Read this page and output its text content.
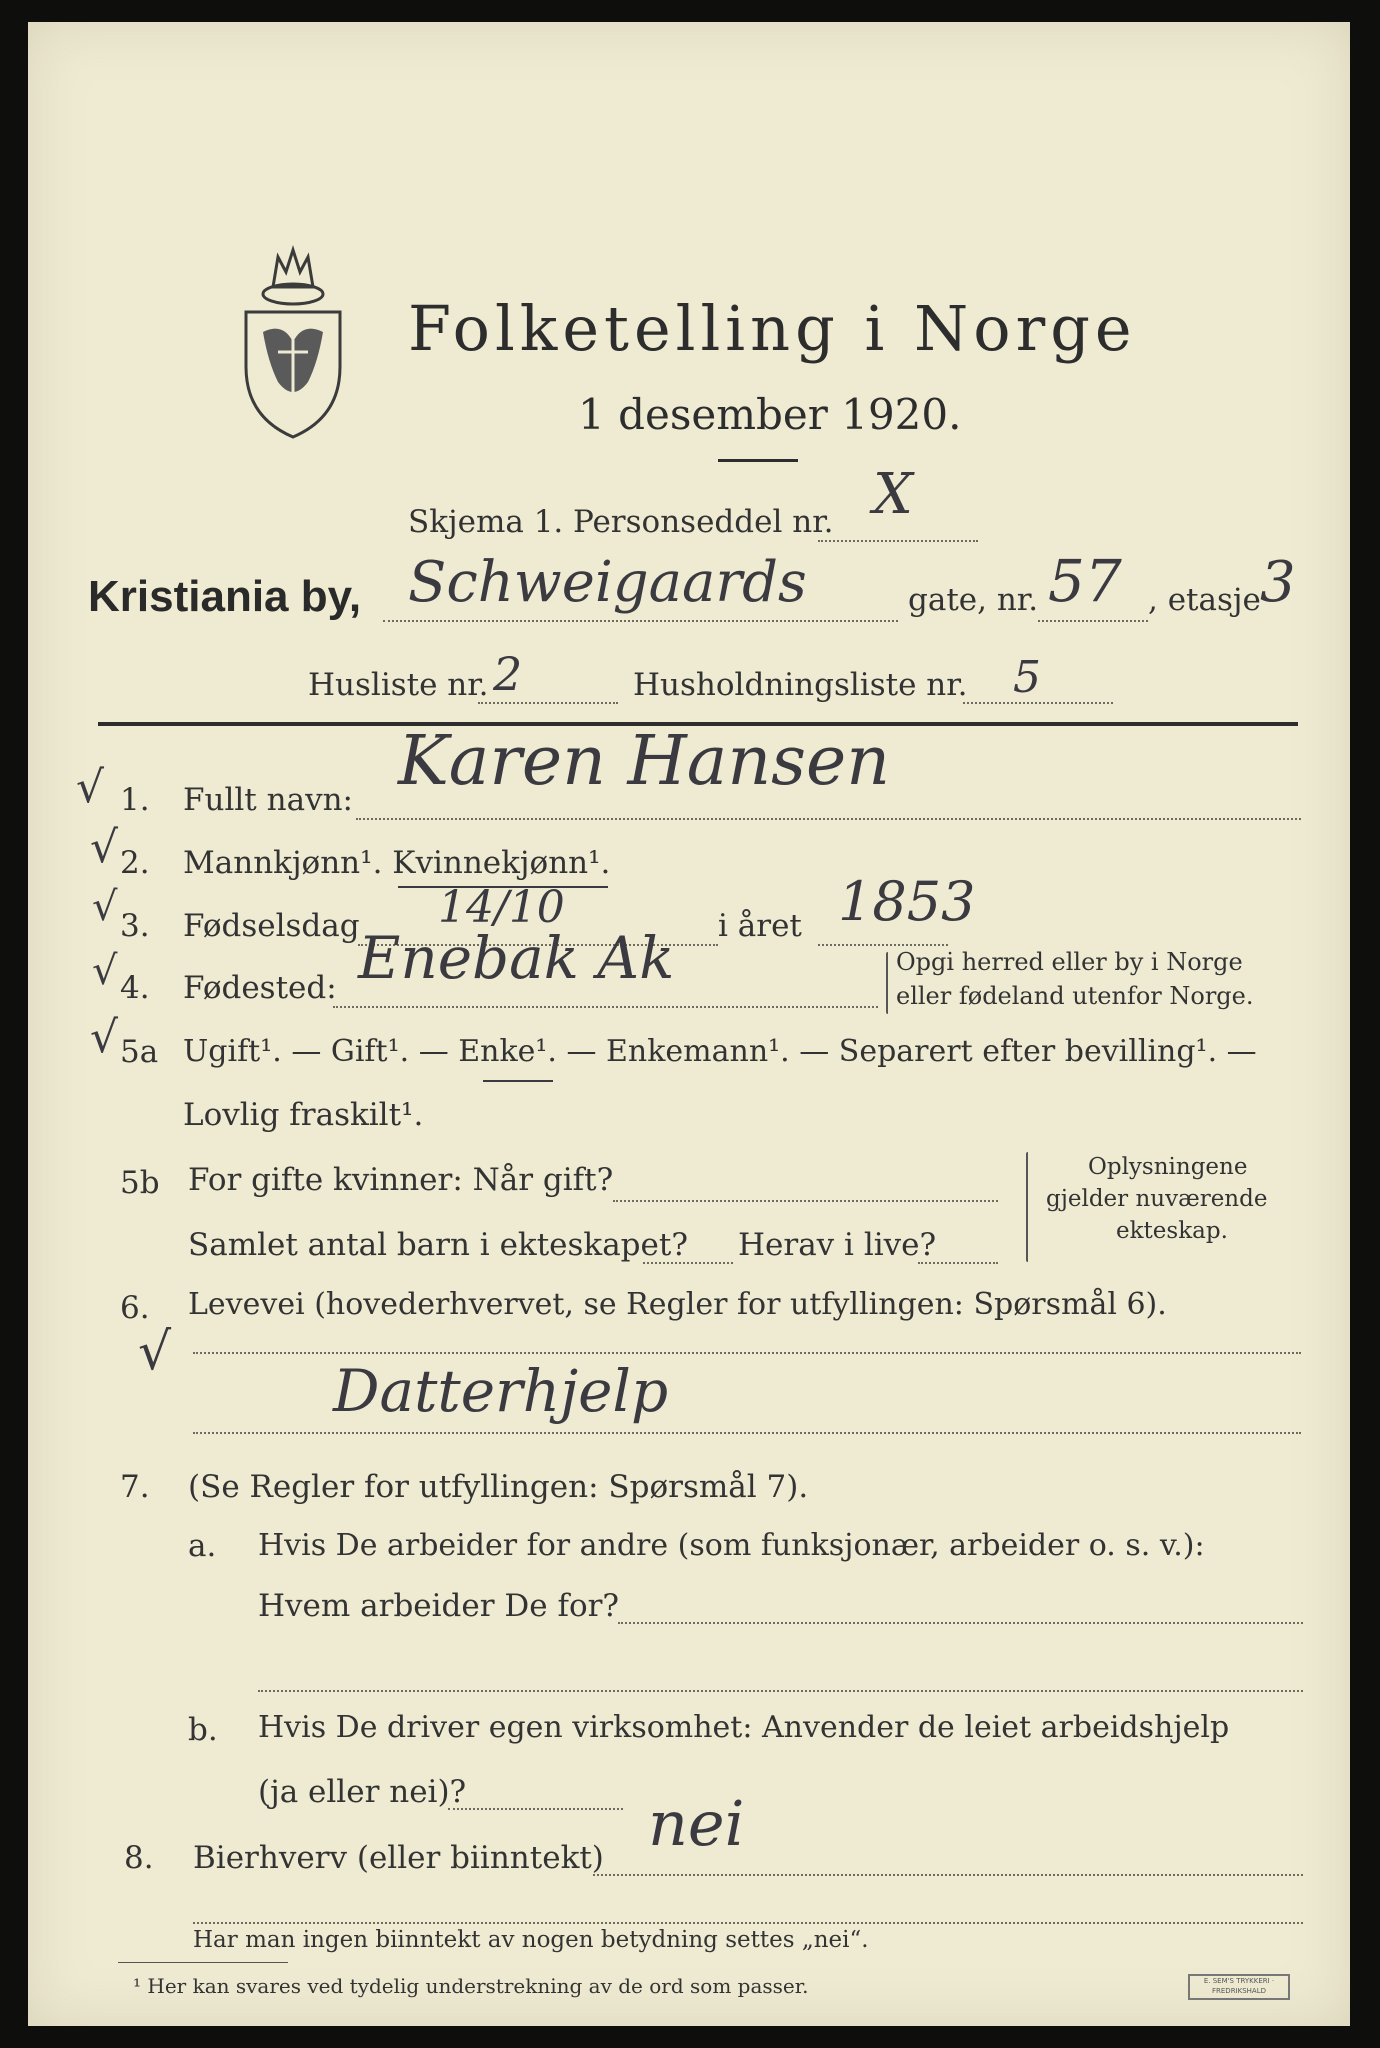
Folketelling i Norge
1 desember 1920.
Skjema 1. Personseddel nr. X
Kristiania by, Schweigaards	gate, nr. 57 , etasje 3
Husliste nr. 2	Husholdningsliste nr. 5
√
√
√
√
√
√
1. Fullt navn: Karen Hansen
2. Mannkjønn¹. Kvinnekjønn¹.
3. Fødselsdag 14/10	i året 1853
4. Fødested: Enebak Ak	Opgi herred eller by i Norge
eller fødeland utenfor Norge.
5a Ugift¹. — Gift¹. — Enke¹. — Enkemann¹. — Separert efter bevilling¹. —
Lovlig fraskilt¹.
5b For gifte kvinner: Når gift?
Samlet antal barn i ekteskapet? Herav i live?
Oplysningene
gjelder nuværende
ekteskap.
6. Levevei (hovederhvervet, se Regler for utfyllingen: Spørsmål 6).
Datterhjelp
7. (Se Regler for utfyllingen: Spørsmål 7).
a. Hvis De arbeider for andre (som funksjonær, arbeider o. s. v.):
Hvem arbeider De for?
b. Hvis De driver egen virksomhet: Anvender de leiet arbeidshjelp
(ja eller nei)?
8. Bierhverv (eller biinntekt) nei
Har man ingen biinntekt av nogen betydning settes „nei“.
¹ Her kan svares ved tydelig understrekning av de ord som passer.	E. SEM'S TRYKKERI · FREDRIKSHALD
